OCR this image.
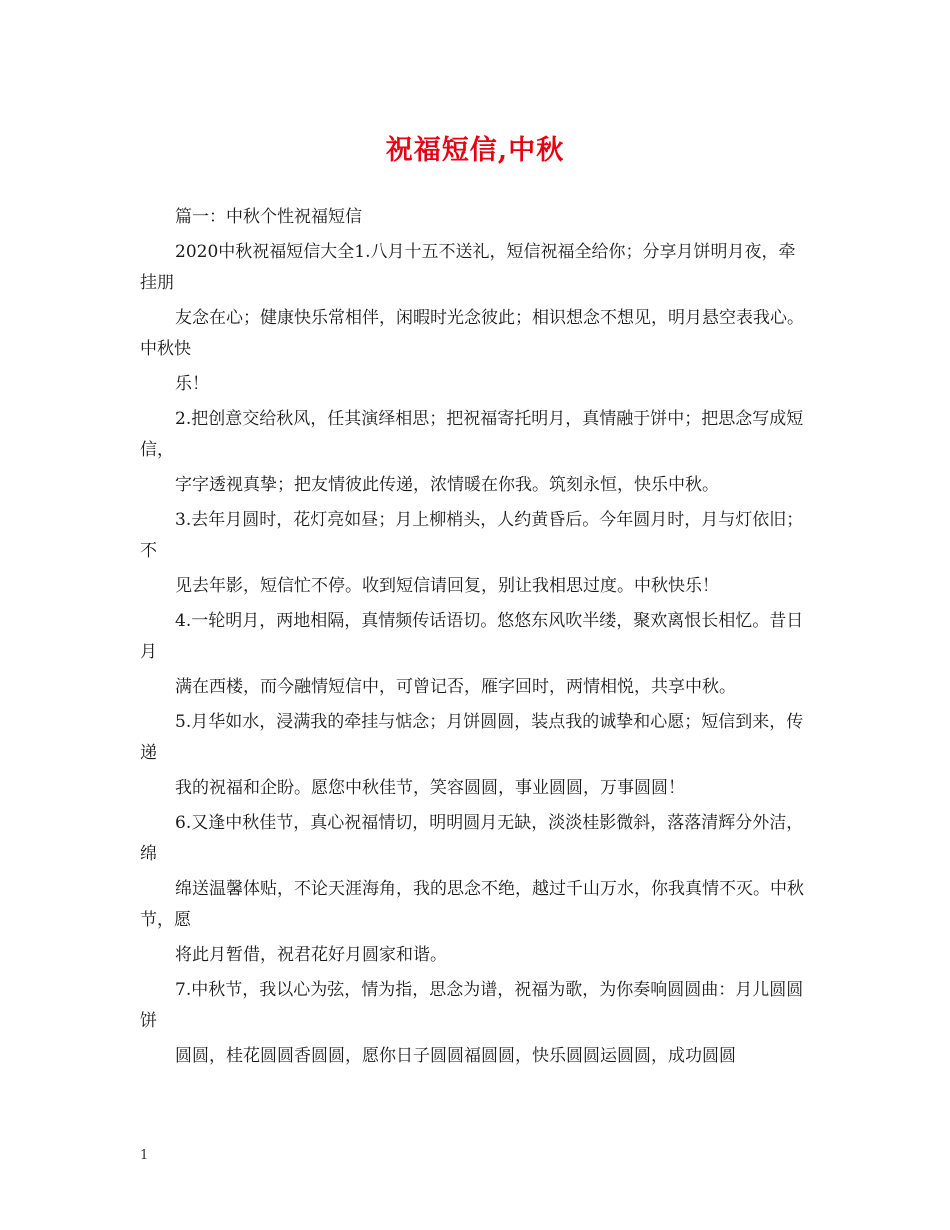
祝福短信,中秋

篇一：中秋个性祝福短信

2020中秋祝福短信大全1.八月十五不送礼，短信祝福全给你；分享月饼明月夜，牵挂朋

友念在心；健康快乐常相伴，闲暇时光念彼此；相识想念不想见，明月悬空表我心。中秋快

乐！

2.把创意交给秋风，任其演绎相思；把祝福寄托明月，真情融于饼中；把思念写成短信，

字字透视真挚；把友情彼此传递，浓情暖在你我。筑刻永恒，快乐中秋。

3.去年月圆时，花灯亮如昼；月上柳梢头，人约黄昏后。今年圆月时，月与灯依旧；不

见去年影，短信忙不停。收到短信请回复，别让我相思过度。中秋快乐！

4.一轮明月，两地相隔，真情频传话语切。悠悠东风吹半缕，聚欢离恨长相忆。昔日月

满在西楼，而今融情短信中，可曾记否，雁字回时，两情相悦，共享中秋。

5.月华如水，浸满我的牵挂与惦念；月饼圆圆，装点我的诚挚和心愿；短信到来，传递

我的祝福和企盼。愿您中秋佳节，笑容圆圆，事业圆圆，万事圆圆！

6.又逢中秋佳节，真心祝福情切，明明圆月无缺，淡淡桂影微斜，落落清辉分外洁，绵

绵送温馨体贴，不论天涯海角，我的思念不绝，越过千山万水，你我真情不灭。中秋节，愿

将此月暂借，祝君花好月圆家和谐。

7.中秋节，我以心为弦，情为指，思念为谱，祝福为歌，为你奏响圆圆曲：月儿圆圆饼

圆圆，桂花圆圆香圆圆，愿你日子圆圆福圆圆，快乐圆圆运圆圆，成功圆圆

1
